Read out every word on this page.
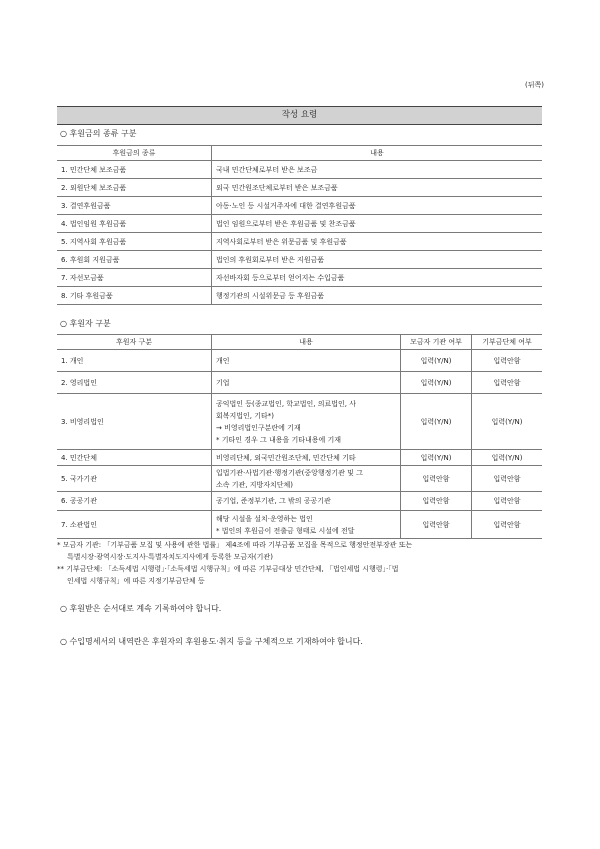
(뒤쪽)
작성 요령
○ 후원금의 종류 구분
후원금의 종류	내용
1. 민간단체 보조금품	국내 민간단체로부터 받은 보조금
2. 외원단체 보조금품	외국 민간원조단체로부터 받은 보조금품
3. 결연후원금품	아동·노인 등 시설거주자에 대한 결연후원금품
4. 법인임원 후원금품	법인 임원으로부터 받은 후원금품 및 찬조금품
5. 지역사회 후원금품	지역사회로부터 받은 위문금품 및 후원금품
6. 후원회 지원금품	법인의 후원회로부터 받은 지원금품
7. 자선모금품	자선바자회 등으로부터 얻어지는 수입금품
8. 기타 후원금품	행정기관의 시설위문금 등 후원금품
○ 후원자 구분
후원자 구분	내용	모금자 기관 여부	기부금단체 여부
1. 개인	개인	입력(Y/N)	입력안함
2. 영리법인	기업	입력(Y/N)	입력안함
3. 비영리법인	공익법인 등(종교법인, 학교법인, 의료법인, 사
회복지법인, 기타*)
→ 비영리법인구분란에 기재
* 기타인 경우 그 내용을 기타내용에 기재	입력(Y/N)	입력(Y/N)
4. 민간단체	비영리단체, 외국민간원조단체, 민간단체 기타	입력(Y/N)	입력(Y/N)
5. 국가기관	입법기관·사법기관·행정기관(중앙행정기관 및 그
소속 기관, 지방자치단체)	입력안함	입력안함
6. 공공기관	공기업, 준정부기관, 그 밖의 공공기관	입력안함	입력안함
7. 소관법인	해당 시설을 설치·운영하는 법인
* 법인의 후원금이 전출금 형태로 시설에 전달	입력안함	입력안함

* 모금자 기관: 「기부금품 모집 및 사용에 관한 법률」 제4조에 따라 기부금품 모집을 목적으로 행정안전부장관 또는

특별시장·광역시장·도지사·특별자치도지사에게 등록한 모금자(기관)

** 기부금단체: 「소득세법 시행령」·「소득세법 시행규칙」에 따른 기부금대상 민간단체, 「법인세법 시행령」·「법

인세법 시행규칙」에 따른 지정기부금단체 등

○ 후원받은 순서대로 계속 기록하여야 합니다.
○ 수입명세서의 내역란은 후원자의 후원용도·취지 등을 구체적으로 기재하여야 합니다.
